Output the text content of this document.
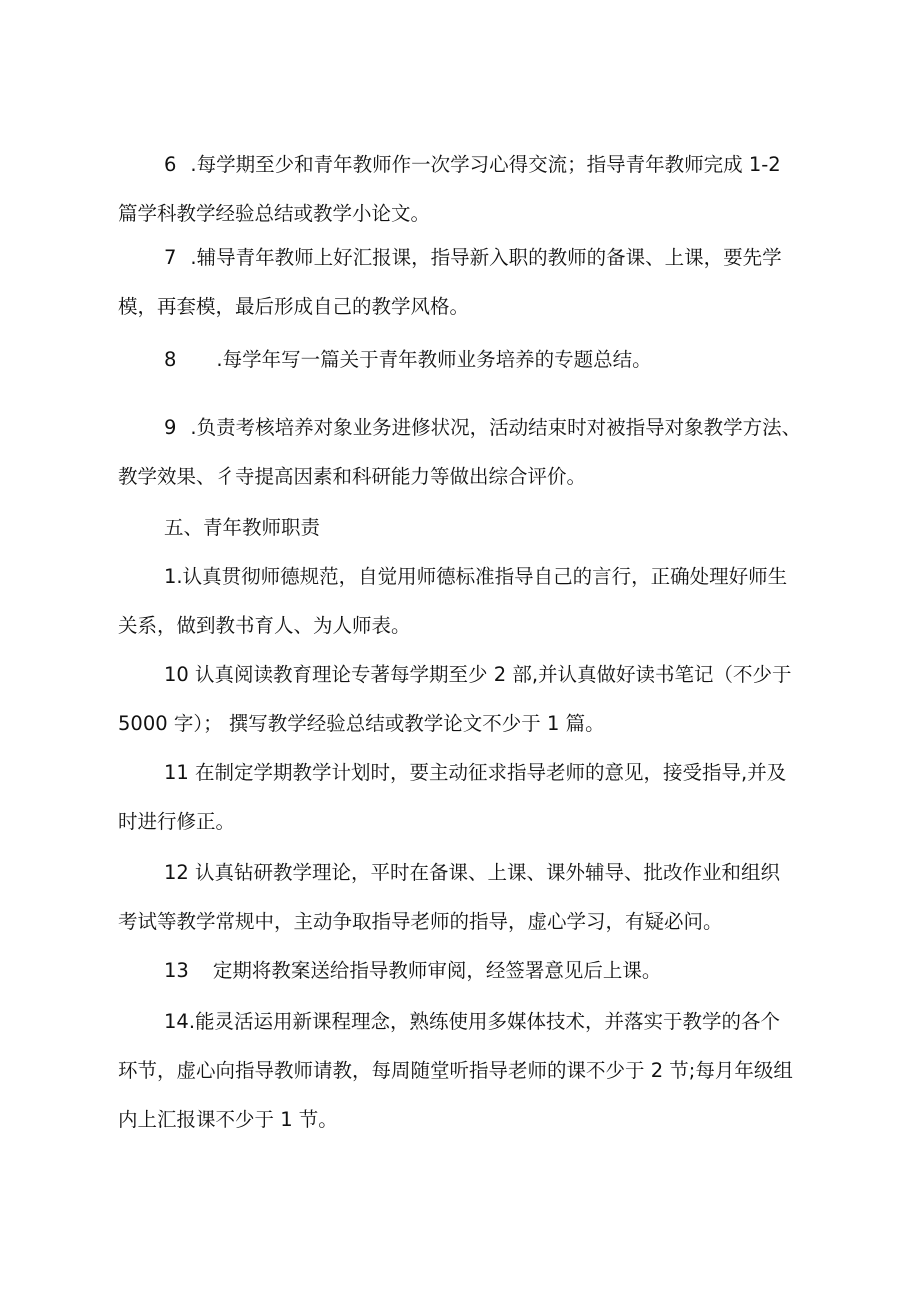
6 .每学期至少和青年教师作一次学习心得交流；指导青年教师完成 1-2
篇学科教学经验总结或教学小论文。

7 .辅导青年教师上好汇报课，指导新入职的教师的备课、上课，要先学
模，再套模，最后形成自己的教学风格。

8 .每学年写一篇关于青年教师业务培养的专题总结。

9 .负责考核培养对象业务进修状况，活动结束时对被指导对象教学方法、
教学效果、彳寺提高因素和科研能力等做出综合评价。

五、青年教师职责

1.认真贯彻师德规范，自觉用师德标准指导自己的言行，正确处理好师生
关系，做到教书育人、为人师表。

10 认真阅读教育理论专著每学期至少 2 部,并认真做好读书笔记（不少于
5000 字）； 撰写教学经验总结或教学论文不少于 1 篇。

11 在制定学期教学计划时，要主动征求指导老师的意见，接受指导,并及
时进行修正。

12 认真钻研教学理论，平时在备课、上课、课外辅导、批改作业和组织
考试等教学常规中，主动争取指导老师的指导，虚心学习，有疑必问。

13 定期将教案送给指导教师审阅，经签署意见后上课。

14.能灵活运用新课程理念，熟练使用多媒体技术，并落实于教学的各个
环节，虚心向指导教师请教，每周随堂听指导老师的课不少于 2 节;每月年级组
内上汇报课不少于 1 节。
